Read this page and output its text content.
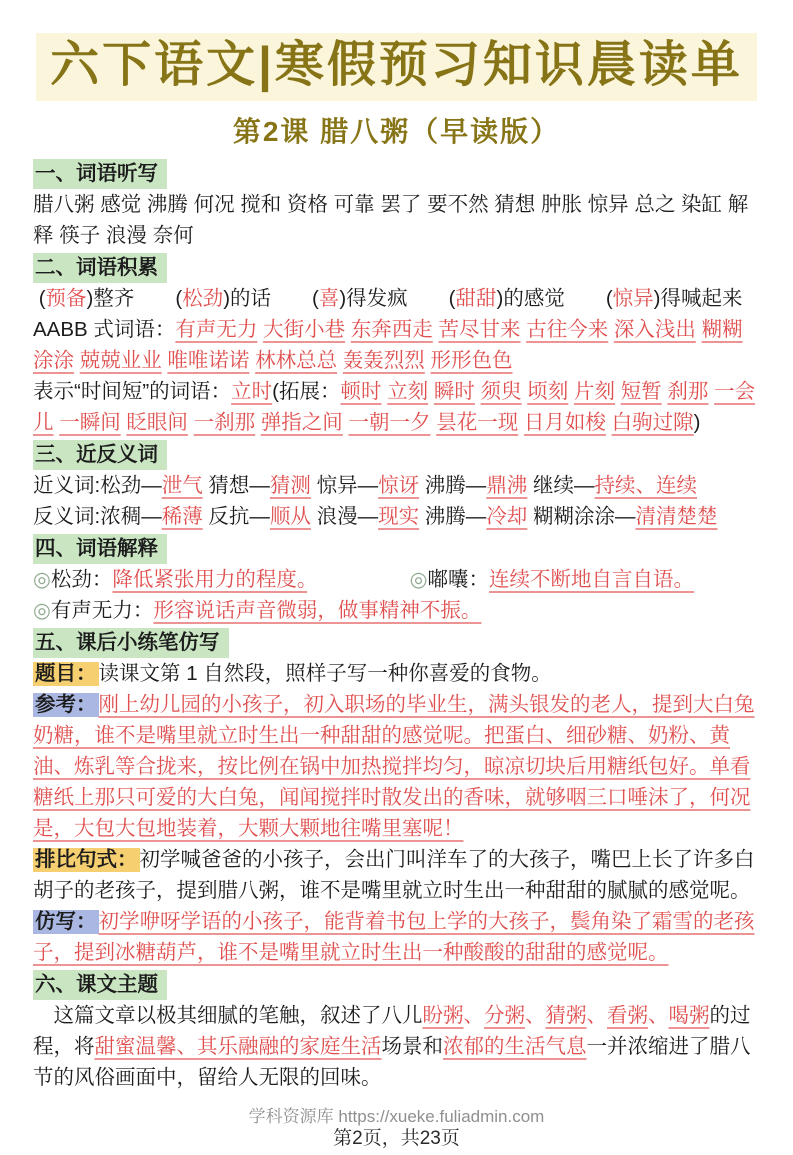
六下语文|寒假预习知识晨读单
第2课 腊八粥（早读版）
一、词语听写
腊八粥 感觉 沸腾 何况 搅和 资格 可靠 罢了 要不然 猜想 肿胀 惊异 总之 染缸 解释 筷子 浪漫 奈何
二、词语积累
(预备)整齐　　(松劲)的话　　(喜)得发疯　　(甜甜)的感觉　　(惊异)得喊起来
AABB 式词语：有声无力 大街小巷 东奔西走 苦尽甘来 古往今来 深入浅出 糊糊涂涂 兢兢业业 唯唯诺诺 林林总总 轰轰烈烈 形形色色
表示“时间短”的词语：立时(拓展：顿时 立刻 瞬时 须臾 顷刻 片刻 短暂 刹那 一会儿 一瞬间 眨眼间 一刹那 弹指之间 一朝一夕 昙花一现 日月如梭 白驹过隙)
三、近反义词
近义词:松劲—泄气 猜想—猜测 惊异—惊讶 沸腾—鼎沸 继续—持续、连续
反义词:浓稠—稀薄 反抗—顺从 浪漫—现实 沸腾—冷却 糊糊涂涂—清清楚楚
四、词语解释
◎松劲：降低紧张用力的程度。　　　　　	◎嘟囔：连续不断地自言自语。
◎有声无力：形容说话声音微弱，做事精神不振。
五、课后小练笔仿写
题目：读课文第 1 自然段，照样子写一种你喜爱的食物。
参考：刚上幼儿园的小孩子，初入职场的毕业生，满头银发的老人，提到大白兔奶糖，谁不是嘴里就立时生出一种甜甜的感觉呢。把蛋白、细砂糖、奶粉、黄油、炼乳等合拢来，按比例在锅中加热搅拌均匀，晾凉切块后用糖纸包好。单看糖纸上那只可爱的大白兔，闻闻搅拌时散发出的香味，就够咽三口唾沫了，何况是，大包大包地装着，大颗大颗地往嘴里塞呢！
排比句式：初学喊爸爸的小孩子，会出门叫洋车了的大孩子，嘴巴上长了许多白胡子的老孩子，提到腊八粥，谁不是嘴里就立时生出一种甜甜的腻腻的感觉呢。
仿写：初学咿呀学语的小孩子，能背着书包上学的大孩子，鬓角染了霜雪的老孩子，提到冰糖葫芦，谁不是嘴里就立时生出一种酸酸的甜甜的感觉呢。
六、课文主题
　这篇文章以极其细腻的笔触，叙述了八儿盼粥、分粥、猜粥、看粥、喝粥的过程，将甜蜜温馨、其乐融融的家庭生活场景和浓郁的生活气息一并浓缩进了腊八节的风俗画面中，留给人无限的回味。
学科资源库 https://xueke.fuliadmin.com
第2页，共23页
